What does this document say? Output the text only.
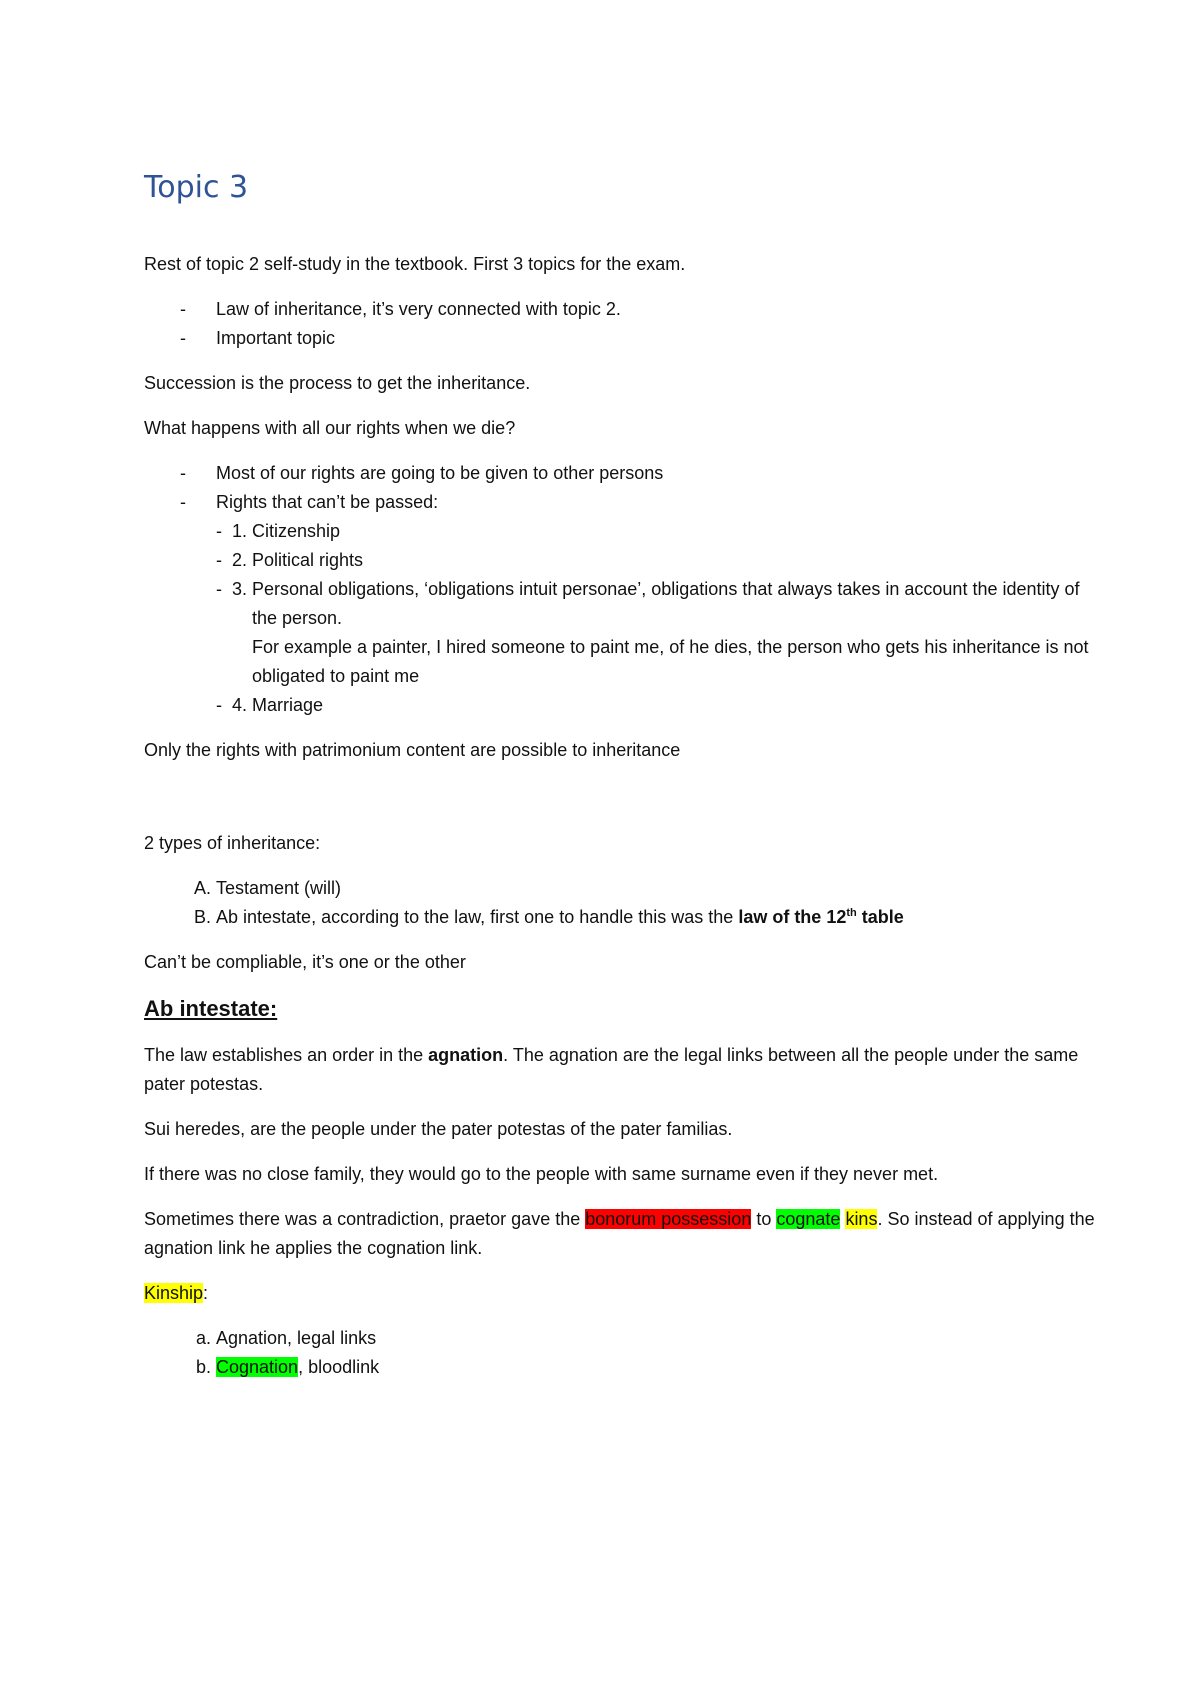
Topic 3

Rest of topic 2 self-study in the textbook. First 3 topics for the exam.

- Law of inheritance, it’s very connected with topic 2.
- Important topic

Succession is the process to get the inheritance.

What happens with all our rights when we die?

- Most of our rights are going to be given to other persons
- Rights that can’t be passed:
- 1. Citizenship
- 2. Political rights
- 3. Personal obligations, ‘obligations intuit personae’, obligations that always takes in account the identity of the person.
For example a painter, I hired someone to paint me, of he dies, the person who gets his inheritance is not obligated to paint me
- 4. Marriage

Only the rights with patrimonium content are possible to inheritance

2 types of inheritance:

A. Testament (will)
B. Ab intestate, according to the law, first one to handle this was the law of the 12th table

Can’t be compliable, it’s one or the other

Ab intestate:

The law establishes an order in the agnation. The agnation are the legal links between all the people under the same pater potestas.

Sui heredes, are the people under the pater potestas of the pater familias.

If there was no close family, they would go to the people with same surname even if they never met.

Sometimes there was a contradiction, praetor gave the bonorum possession to cognate kins. So instead of applying the agnation link he applies the cognation link.

Kinship:

a. Agnation, legal links
b. Cognation, bloodlink
